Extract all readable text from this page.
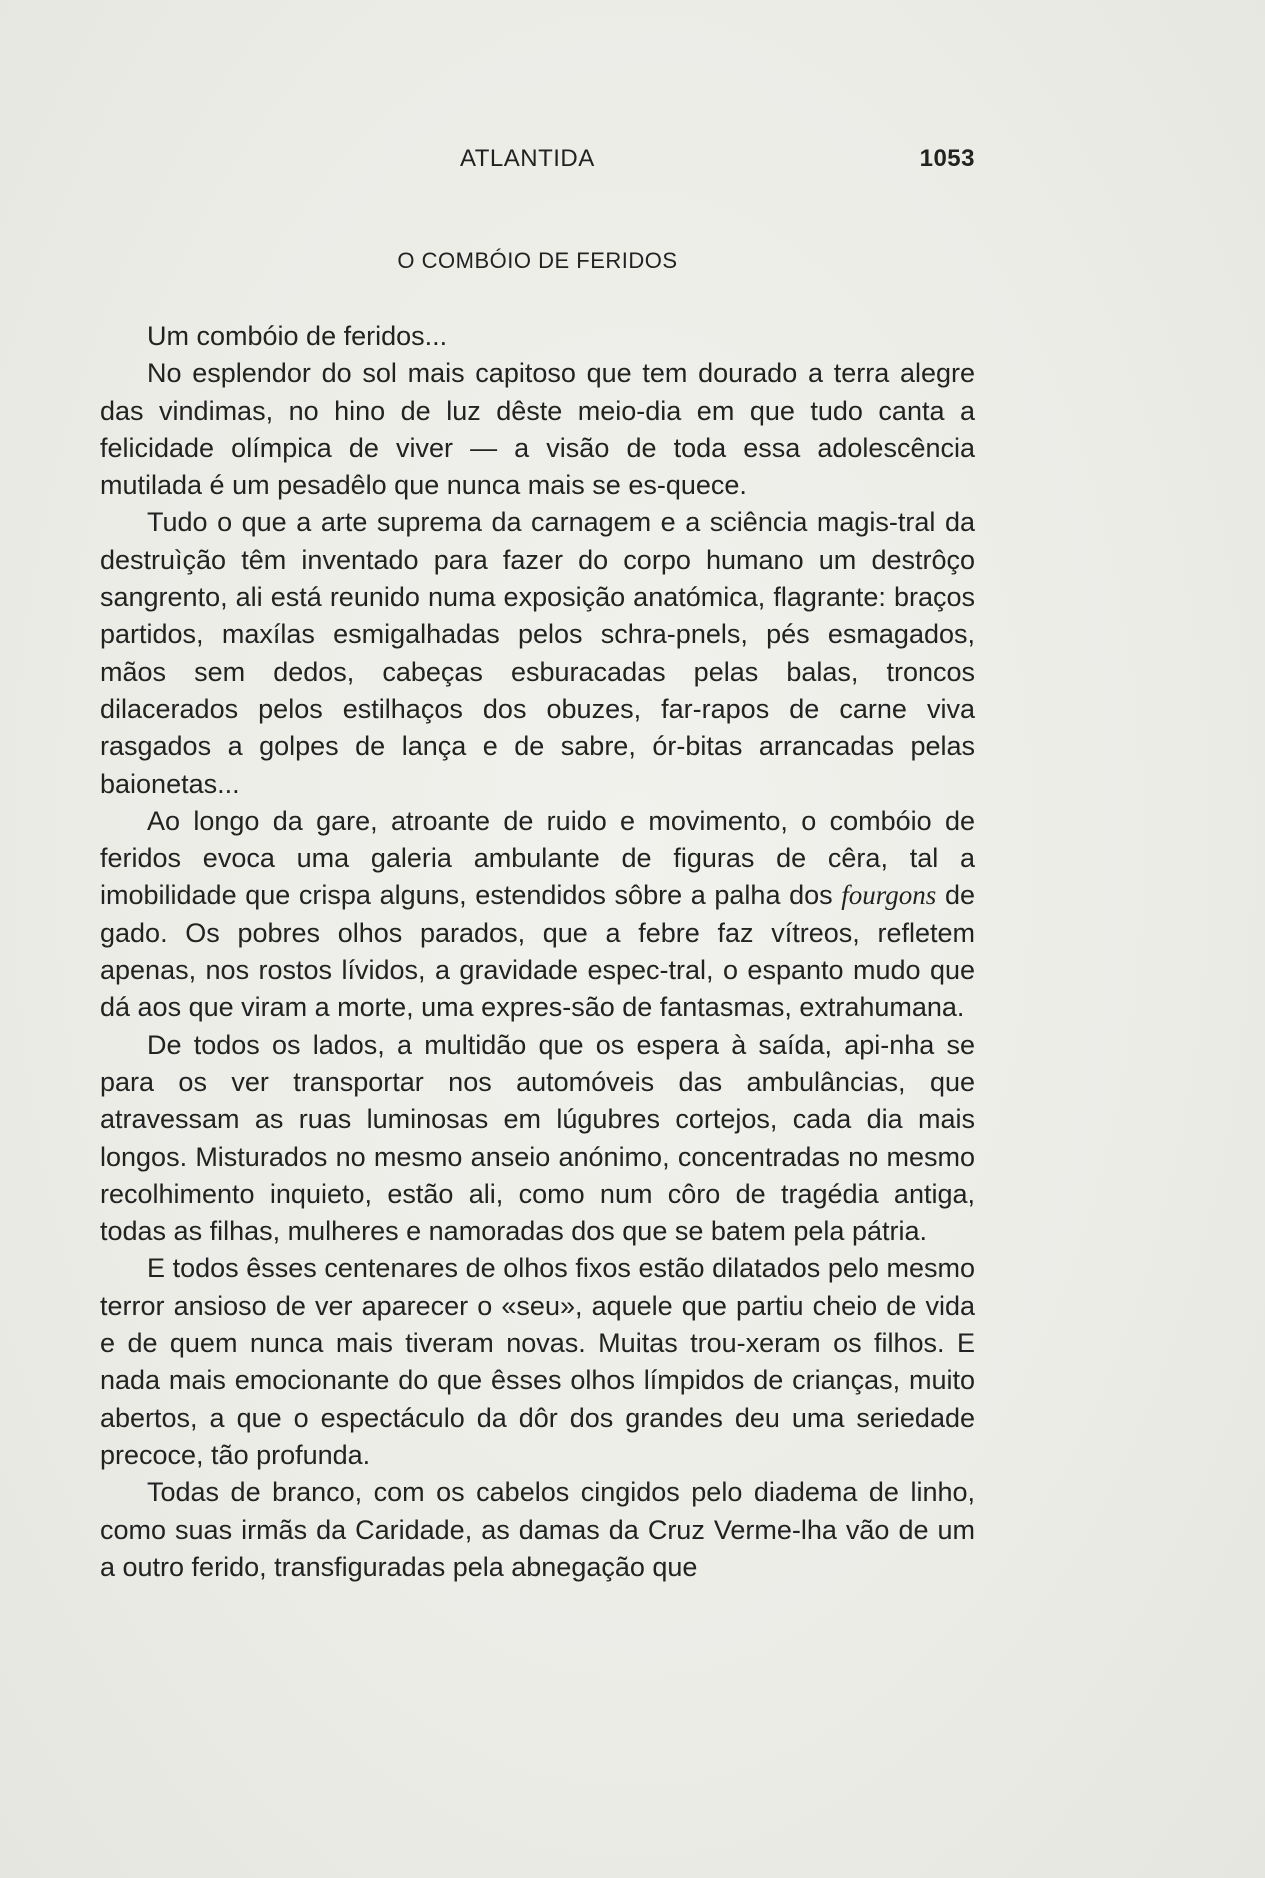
ATLANTIDA	1053
O COMBÓIO DE FERIDOS

Um combóio de feridos...

No esplendor do sol mais capitoso que tem dourado a terra alegre das vindimas, no hino de luz dêste meio-dia em que tudo canta a felicidade olímpica de viver — a visão de toda essa adolescência mutilada é um pesadêlo que nunca mais se es-quece.

Tudo o que a arte suprema da carnagem e a sciência magis-tral da destruìção têm inventado para fazer do corpo humano um destrôço sangrento, ali está reunido numa exposição anatómica, flagrante: braços partidos, maxílas esmigalhadas pelos schra-pnels, pés esmagados, mãos sem dedos, cabeças esburacadas pelas balas, troncos dilacerados pelos estilhaços dos obuzes, far-rapos de carne viva rasgados a golpes de lança e de sabre, ór-bitas arrancadas pelas baionetas...

Ao longo da gare, atroante de ruido e movimento, o combóio de feridos evoca uma galeria ambulante de figuras de cêra, tal a imobilidade que crispa alguns, estendidos sôbre a palha dos fourgons de gado. Os pobres olhos parados, que a febre faz vítreos, refletem apenas, nos rostos lívidos, a gravidade espec-tral, o espanto mudo que dá aos que viram a morte, uma expres-são de fantasmas, extrahumana.

De todos os lados, a multidão que os espera à saída, api-nha se para os ver transportar nos automóveis das ambulâncias, que atravessam as ruas luminosas em lúgubres cortejos, cada dia mais longos. Misturados no mesmo anseio anónimo, concentradas no mesmo recolhimento inquieto, estão ali, como num côro de tragédia antiga, todas as filhas, mulheres e namoradas dos que se batem pela pátria.

E todos êsses centenares de olhos fixos estão dilatados pelo mesmo terror ansioso de ver aparecer o «seu», aquele que partiu cheio de vida e de quem nunca mais tiveram novas. Muitas trou-xeram os filhos. E nada mais emocionante do que êsses olhos límpidos de crianças, muito abertos, a que o espectáculo da dôr dos grandes deu uma seriedade precoce, tão profunda.

Todas de branco, com os cabelos cingidos pelo diadema de linho, como suas irmãs da Caridade, as damas da Cruz Verme-lha vão de um a outro ferido, transfiguradas pela abnegação que
